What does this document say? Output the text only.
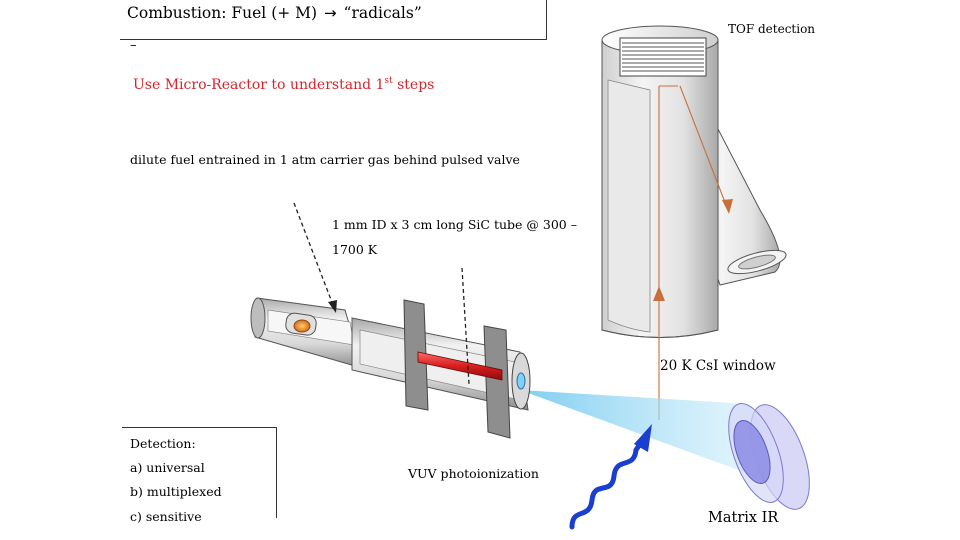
Combustion: Fuel (+ M) → “radicals”
–
Use Micro-Reactor to understand 1st steps
dilute fuel entrained in 1 atm carrier gas behind pulsed valve
1 mm ID x 3 cm long SiC tube @ 300 –
1700 K
TOF detection
20 K CsI window
VUV photoionization
Matrix IR
Detection:
a) universal
b) multiplexed
c) sensitive
